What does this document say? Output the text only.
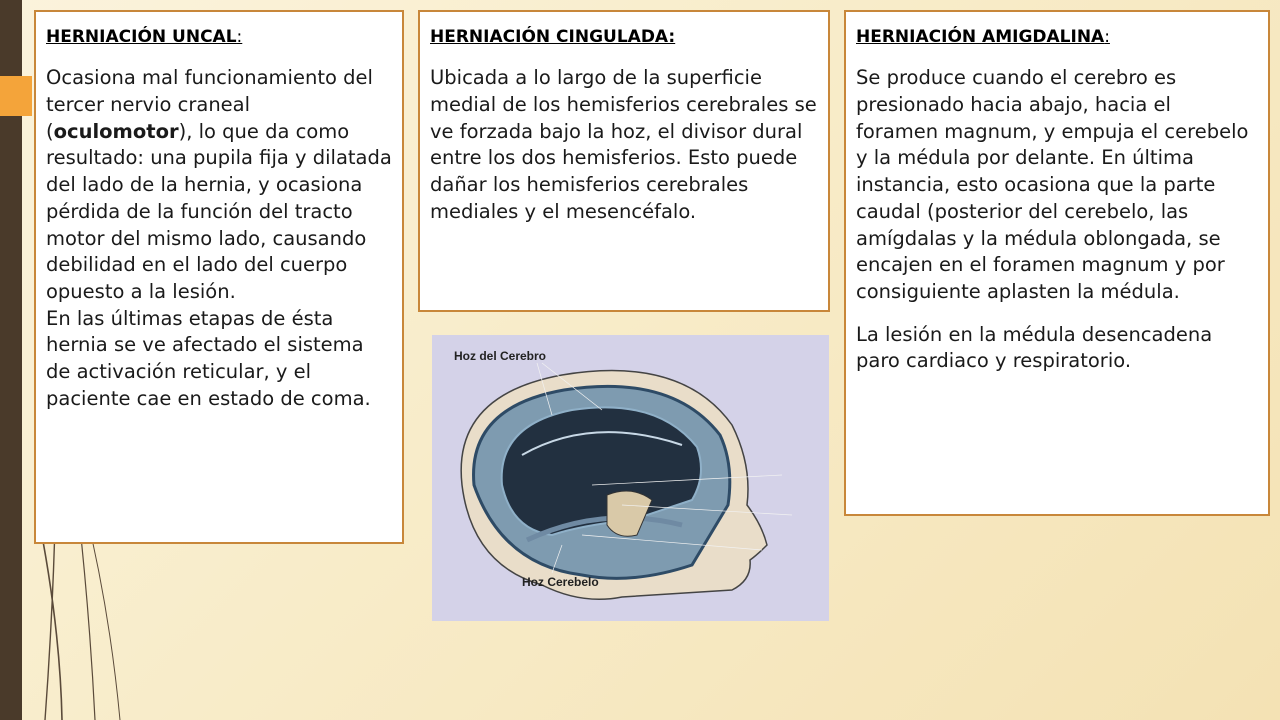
HERNIACIÓN UNCAL:

Ocasiona mal funcionamiento del tercer nervio craneal (oculomotor), lo que da como resultado: una pupila fija y dilatada del lado de la hernia, y ocasiona pérdida de la función del tracto motor del mismo lado, causando debilidad en el lado del cuerpo opuesto a la lesión.

En las últimas etapas de ésta hernia se ve afectado el sistema de activación reticular, y el paciente cae en estado de coma.

HERNIACIÓN CINGULADA:

Ubicada a lo largo de la superficie medial de los hemisferios cerebrales se ve forzada bajo la hoz, el divisor dural entre los dos hemisferios. Esto puede dañar los hemisferios cerebrales mediales y el mesencéfalo.

HERNIACIÓN AMIGDALINA:

Se produce cuando el cerebro es presionado hacia abajo, hacia el foramen magnum, y empuja el cerebelo y la médula por delante. En última instancia, esto ocasiona que la parte caudal (posterior del cerebelo, las amígdalas y la médula oblongada, se encajen en el foramen magnum y por consiguiente aplasten la médula.

La lesión en la médula desencadena paro cardiaco y respiratorio.

Hoz del Cerebro
Hoz Cerebelo
